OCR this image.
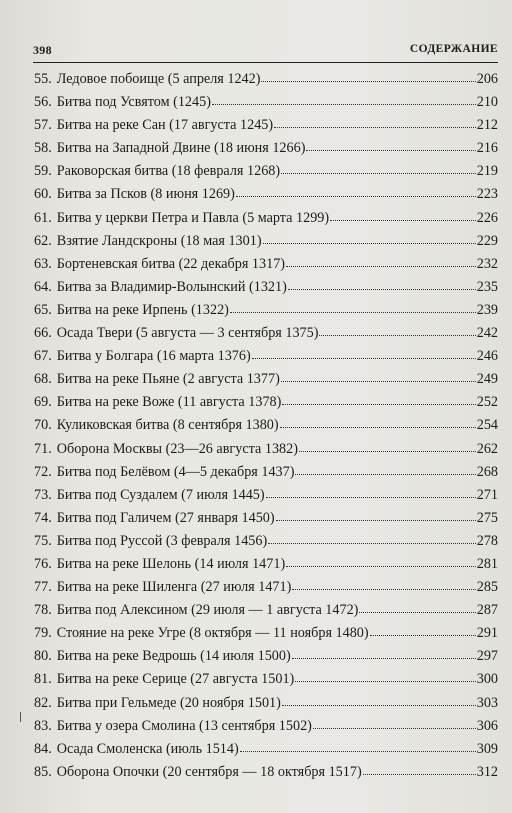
398	СОДЕРЖАНИЕ
55. Ледовое побоище (5 апреля 1242)	206
56. Битва под Усвятом (1245)	210
57. Битва на реке Сан (17 августа 1245)	212
58. Битва на Западной Двине (18 июня 1266)	216
59. Раковорская битва (18 февраля 1268)	219
60. Битва за Псков (8 июня 1269)	223
61. Битва у церкви Петра и Павла (5 марта 1299)	226
62. Взятие Ландскроны (18 мая 1301)	229
63. Бортеневская битва (22 декабря 1317)	232
64. Битва за Владимир-Волынский (1321)	235
65. Битва на реке Ирпень (1322)	239
66. Осада Твери (5 августа — 3 сентября 1375)	242
67. Битва у Болгара (16 марта 1376)	246
68. Битва на реке Пьяне (2 августа 1377)	249
69. Битва на реке Воже (11 августа 1378)	252
70. Куликовская битва (8 сентября 1380)	254
71. Оборона Москвы (23—26 августа 1382)	262
72. Битва под Белёвом (4—5 декабря 1437)	268
73. Битва под Суздалем (7 июля 1445)	271
74. Битва под Галичем (27 января 1450)	275
75. Битва под Руссой (3 февраля 1456)	278
76. Битва на реке Шелонь (14 июля 1471)	281
77. Битва на реке Шиленга (27 июля 1471)	285
78. Битва под Алексином (29 июля — 1 августа 1472)	287
79. Стояние на реке Угре (8 октября — 11 ноября 1480)	291
80. Битва на реке Ведрошь (14 июля 1500)	297
81. Битва на реке Серице (27 августа 1501)	300
82. Битва при Гельмеде (20 ноября 1501)	303
83. Битва у озера Смолина (13 сентября 1502)	306
84. Осада Смоленска (июль 1514)	309
85. Оборона Опочки (20 сентября — 18 октября 1517)	312
